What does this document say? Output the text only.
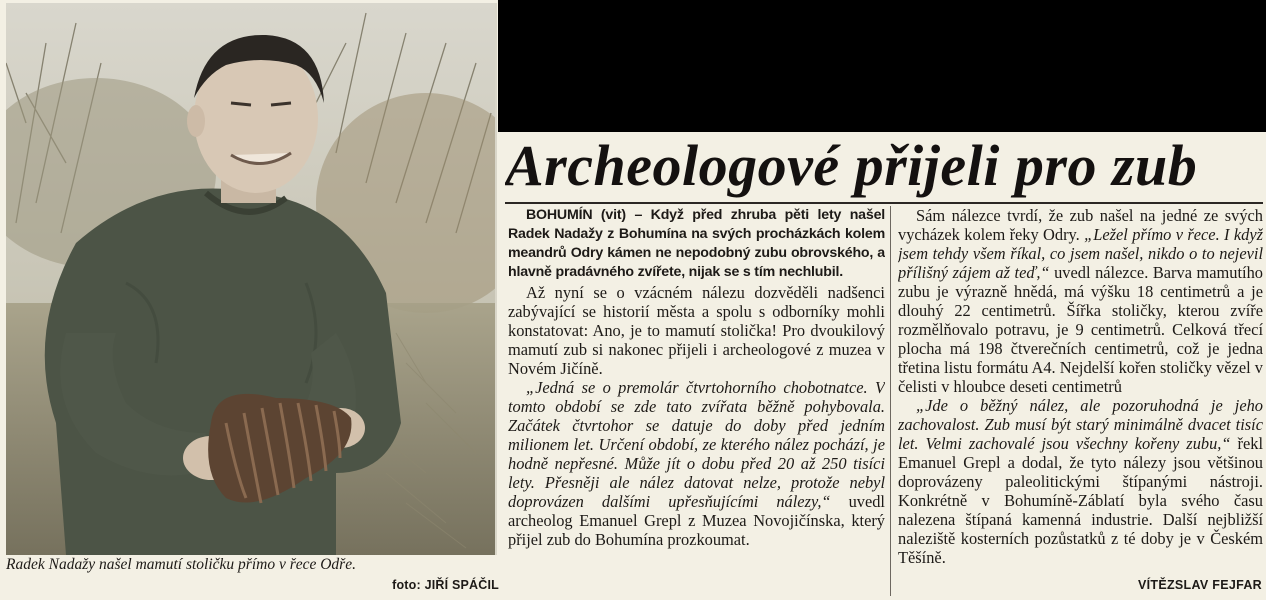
Radek Nadažy našel mamutí stoličku přímo v řece Odře.
foto: JIŘÍ SPÁČIL
Archeologové přijeli pro zub

BOHUMÍN (vit) – Když před zhruba pěti lety našel Radek Nadažy z Bohumína na svých procházkách kolem meandrů Odry kámen ne nepodobný zubu obrovského, a hlavně pradávného zvířete, nijak se s tím nechlubil.

Až nyní se o vzácném nálezu dozvěděli nadšenci zabývající se historií města a spolu s odborníky mohli konstatovat: Ano, je to mamutí stolička! Pro dvoukilový mamutí zub si nakonec přijeli i archeologové z muzea v Novém Jičíně.

„Jedná se o premolár čtvrtohorního chobotnatce. V tomto období se zde tato zvířata běžně pohybovala. Začátek čtvrtohor se datuje do doby před jedním milionem let. Určení období, ze kterého nález pochází, je hodně nepřesné. Může jít o dobu před 20 až 250 tisíci lety. Přesněji ale nález datovat nelze, protože nebyl doprovázen dalšími upřesňujícími nálezy,“ uvedl archeolog Emanuel Grepl z Muzea Novojičínska, který přijel zub do Bohumína prozkoumat.

Sám nálezce tvrdí, že zub našel na jedné ze svých vycházek kolem řeky Odry. „Ležel přímo v řece. I když jsem tehdy všem říkal, co jsem našel, nikdo o to nejevil přílišný zájem až teď,“ uvedl nálezce. Barva mamutího zubu je výrazně hnědá, má výšku 18 centimetrů a je dlouhý 22 centimetrů. Šířka stoličky, kterou zvíře rozmělňovalo potravu, je 9 centimetrů. Celková třecí plocha má 198 čtverečních centimetrů, což je jedna třetina listu formátu A4. Nejdelší kořen stoličky vězel v čelisti v hloubce deseti centimetrů

„Jde o běžný nález, ale pozoruhodná je jeho zachovalost. Zub musí být starý minimálně dvacet tisíc let. Velmi zachovalé jsou všechny kořeny zubu,“ řekl Emanuel Grepl a dodal, že tyto nálezy jsou většinou doprovázeny paleolitickými štípanými nástroji. Konkrétně v Bohumíně-Záblatí byla svého času nalezena štípaná kamenná industrie. Další nejbližší naleziště kosterních pozůstatků z té doby je v Českém Těšíně.

VÍTĚZSLAV FEJFAR
